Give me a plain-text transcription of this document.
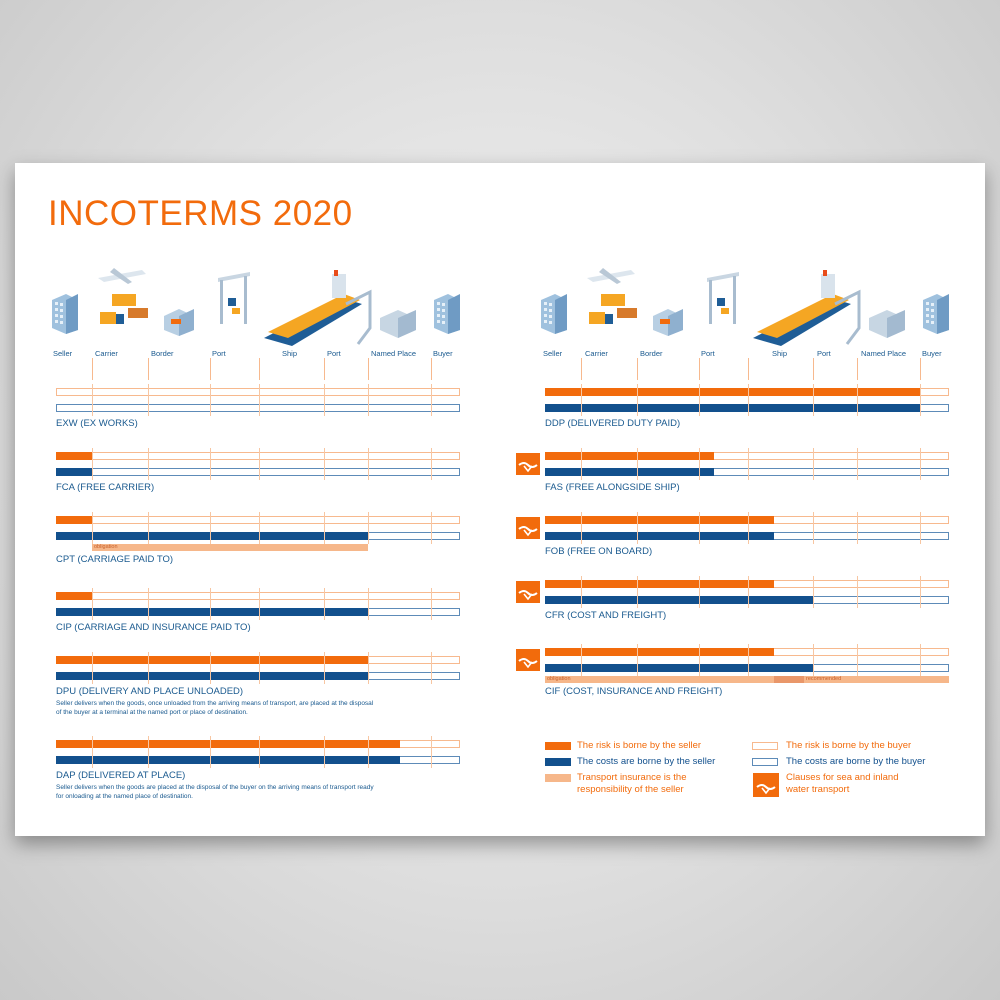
INCOTERMS 2020
The risk is borne by the seller
The costs are borne by the seller
Transport insurance is the responsibility of the seller
The risk is borne by the buyer
The costs are borne by the buyer
Clauses for sea and inland water transport
Seller	Carrier	Border	Port	Ship	Port	Named Place Buyer
EXW (EX WORKS)
FCA (FREE CARRIER)
obligation
CPT (CARRIAGE PAID TO)
CIP (CARRIAGE AND INSURANCE PAID TO)
DPU (DELIVERY AND PLACE UNLOADED)
Seller delivers when the goods, once unloaded from the arriving means of transport, are placed at the disposal of the buyer at a terminal at the named port or place of destination.
DAP (DELIVERED AT PLACE)
Seller delivers when the goods are placed at the disposal of the buyer on the arriving means of transport ready for onloading at the named place of destination.
Seller	Carrier	Border	Port	Ship	Port	Named Place Buyer
DDP (DELIVERED DUTY PAID)
FAS (FREE ALONGSIDE SHIP)
FOB (FREE ON BOARD)
CFR (COST AND FREIGHT)
obligation	recommended
CIF (COST, INSURANCE AND FREIGHT)
